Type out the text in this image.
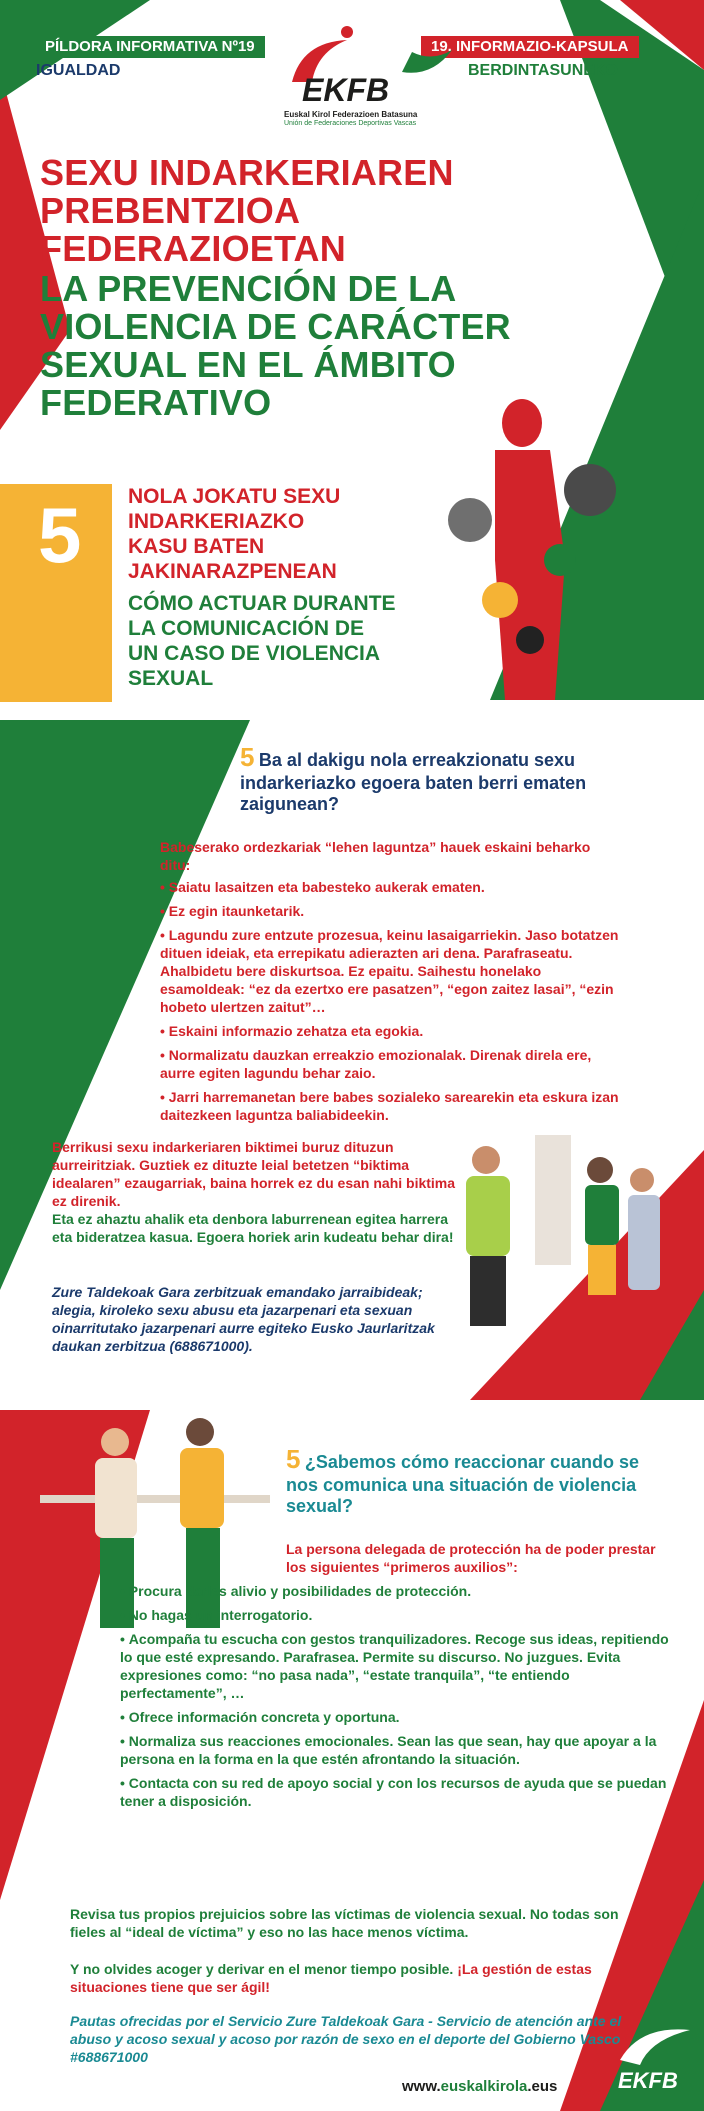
PÍLDORA INFORMATIVA Nº19
IGUALDAD
19. INFORMAZIO-KAPSULA
BERDINTASUNEKO
EKFB
Euskal Kirol Federazioen Batasuna
Unión de Federaciones Deportivas Vascas
SEXU INDARKERIAREN
PREBENTZIOA
FEDERAZIOETAN
LA PREVENCIÓN DE LA
VIOLENCIA DE CARÁCTER
SEXUAL EN EL ÁMBITO
FEDERATIVO
5 NOLA JOKATU SEXU
INDARKERIAZKO
KASU BATEN
JAKINARAZPENEAN
CÓMO ACTUAR DURANTE
LA COMUNICACIÓN DE
UN CASO DE VIOLENCIA
SEXUAL
5 Ba al dakigu nola erreakzionatu sexu indarkeriazko egoera baten berri ematen zaigunean?
Babeserako ordezkariak “lehen laguntza” hauek eskaini beharko ditu:
• Saiatu lasaitzen eta babesteko aukerak ematen.
• Ez egin itaunketarik.
• Lagundu zure entzute prozesua, keinu lasaigarriekin. Jaso botatzen dituen ideiak, eta errepikatu adierazten ari dena. Parafraseatu. Ahalbidetu bere diskurtsoa. Ez epaitu. Saihestu honelako esamoldeak: “ez da ezertxo ere pasatzen”, “egon zaitez lasai”, “ezin hobeto ulertzen zaitut”…
• Eskaini informazio zehatza eta egokia.
• Normalizatu dauzkan erreakzio emozionalak. Direnak direla ere, aurre egiten lagundu behar zaio.
• Jarri harremanetan bere babes sozialeko sarearekin eta eskura izan daitezkeen laguntza baliabideekin.
Berrikusi sexu indarkeriaren biktimei buruz dituzun aurreiritziak. Guztiek ez dituzte leial betetzen “biktima idealaren” ezaugarriak, baina horrek ez du esan nahi biktima ez direnik.
Eta ez ahaztu ahalik eta denbora laburrenean egitea harrera eta bideratzea kasua. Egoera horiek arin kudeatu behar dira!
Zure Taldekoak Gara zerbitzuak emandako jarraibideak; alegia, kiroleko sexu abusu eta jazarpenari eta sexuan oinarritutako jazarpenari aurre egiteko Eusko Jaurlaritzak daukan zerbitzua (688671000).
5 ¿Sabemos cómo reaccionar cuando se nos comunica una situación de violencia sexual?
La persona delegada de protección ha de poder prestar los siguientes “primeros auxilios”:
• Procura darles alivio y posibilidades de protección.
• No hagas un interrogatorio.
• Acompaña tu escucha con gestos tranquilizadores. Recoge sus ideas, repitiendo lo que esté expresando. Parafrasea. Permite su discurso. No juzgues. Evita expresiones como: “no pasa nada”, “estate tranquila”, “te entiendo perfectamente”, …
• Ofrece información concreta y oportuna.
• Normaliza sus reacciones emocionales. Sean las que sean, hay que apoyar a la persona en la forma en la que estén afrontando la situación.
• Contacta con su red de apoyo social y con los recursos de ayuda que se puedan tener a disposición.
Revisa tus propios prejuicios sobre las víctimas de violencia sexual. No todas son fieles al “ideal de víctima” y eso no las hace menos víctima.
Y no olvides acoger y derivar en el menor tiempo posible. ¡La gestión de estas situaciones tiene que ser ágil!
Pautas ofrecidas por el Servicio Zure Taldekoak Gara - Servicio de atención ante el abuso y acoso sexual y acoso por razón de sexo en el deporte del Gobierno Vasco #688671000
www.euskalkirola.eus	EKFB
